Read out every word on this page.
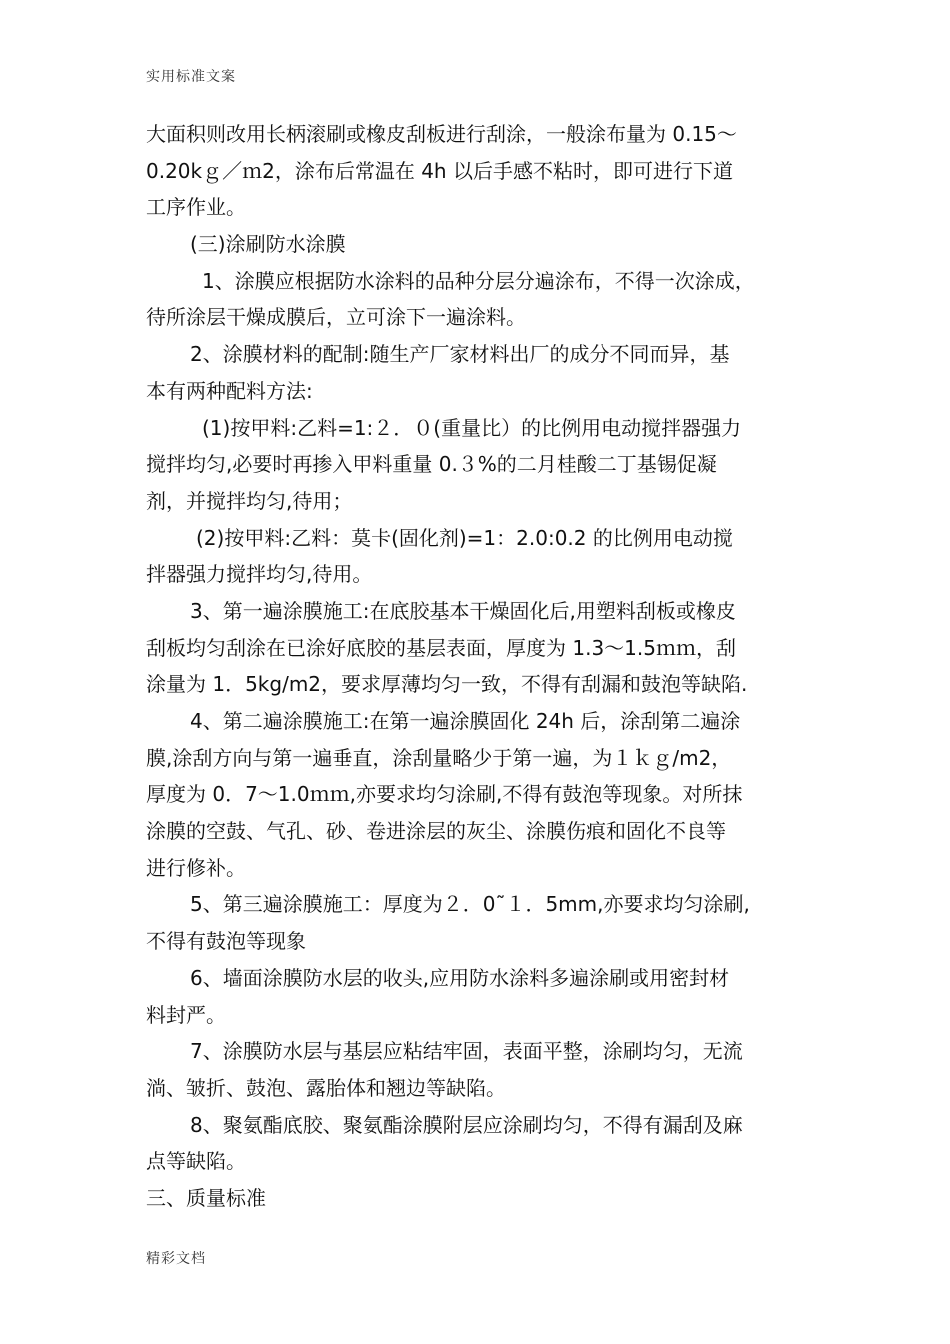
实用标准文案
大面积则改用长柄滚刷或橡皮刮板进行刮涂，一般涂布量为 0.15～
0.20kｇ／ｍ2，涂布后常温在 4h 以后手感不粘时，即可进行下道
工序作业。
(三)涂刷防水涂膜
1、涂膜应根据防水涂料的品种分层分遍涂布，不得一次涂成，
待所涂层干燥成膜后，立可涂下一遍涂料。
2、涂膜材料的配制:随生产厂家材料出厂的成分不同而异，基
本有两种配料方法:
(1)按甲料:乙料=1:２．０(重量比）的比例用电动搅拌器强力
搅拌均匀,必要时再掺入甲料重量 0.３%的二月桂酸二丁基锡促凝
剂，并搅拌均匀,待用；
(2)按甲料:乙料：莫卡(固化剂)=1：2.0:0.2 的比例用电动搅
拌器强力搅拌均匀,待用。
3、第一遍涂膜施工:在底胶基本干燥固化后,用塑料刮板或橡皮
刮板均匀刮涂在已涂好底胶的基层表面，厚度为 1.3～1.5ｍｍ，刮
涂量为 1．5kg/m2，要求厚薄均匀一致，不得有刮漏和鼓泡等缺陷.
4、第二遍涂膜施工:在第一遍涂膜固化 24h 后，涂刮第二遍涂
膜,涂刮方向与第一遍垂直，涂刮量略少于第一遍，为１ｋｇ/m2，
厚度为 0．7～1.0ｍｍ,亦要求均匀涂刷,不得有鼓泡等现象。对所抹
涂膜的空鼓、气孔、砂、卷进涂层的灰尘、涂膜伤痕和固化不良等
进行修补。
5、第三遍涂膜施工：厚度为２．0˜１．5mm,亦要求均匀涂刷,
不得有鼓泡等现象
6、墙面涂膜防水层的收头,应用防水涂料多遍涂刷或用密封材
料封严。
7、涂膜防水层与基层应粘结牢固，表面平整，涂刷均匀，无流
淌、皱折、鼓泡、露胎体和翘边等缺陷。
8、聚氨酯底胶、聚氨酯涂膜附层应涂刷均匀，不得有漏刮及麻
点等缺陷。
三、质量标准
精彩文档
